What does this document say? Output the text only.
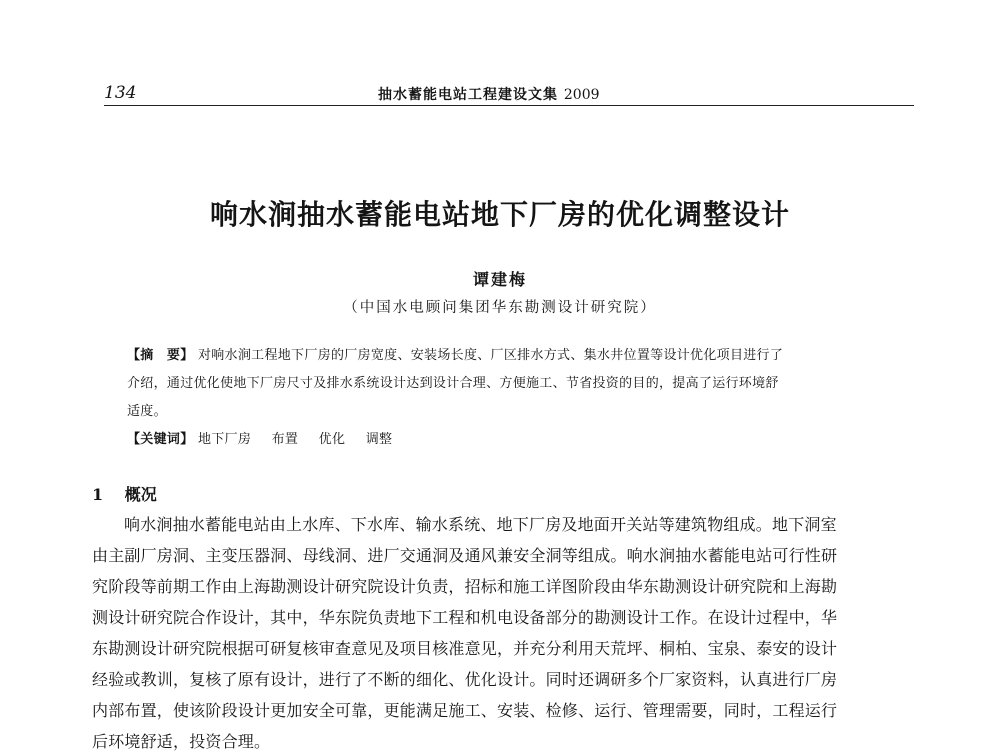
134	抽水蓄能电站工程建设文集 2009
响水涧抽水蓄能电站地下厂房的优化调整设计
谭建梅
（中国水电顾问集团华东勘测设计研究院）
【摘　要】 对响水涧工程地下厂房的厂房宽度、安装场长度、厂区排水方式、集水井位置等设计优化项目进行了
介绍，通过优化使地下厂房尺寸及排水系统设计达到设计合理、方便施工、节省投资的目的，提高了运行环境舒
适度。
【关键词】 地下厂房 布置 优化 调整
1 概况
响水涧抽水蓄能电站由上水库、下水库、输水系统、地下厂房及地面开关站等建筑物组成。地下洞室
由主副厂房洞、主变压器洞、母线洞、进厂交通洞及通风兼安全洞等组成。响水涧抽水蓄能电站可行性研
究阶段等前期工作由上海勘测设计研究院设计负责，招标和施工详图阶段由华东勘测设计研究院和上海勘
测设计研究院合作设计，其中，华东院负责地下工程和机电设备部分的勘测设计工作。在设计过程中，华
东勘测设计研究院根据可研复核审查意见及项目核准意见，并充分利用天荒坪、桐柏、宝泉、泰安的设计
经验或教训，复核了原有设计，进行了不断的细化、优化设计。同时还调研多个厂家资料，认真进行厂房
内部布置，使该阶段设计更加安全可靠，更能满足施工、安装、检修、运行、管理需要，同时，工程运行
后环境舒适，投资合理。
